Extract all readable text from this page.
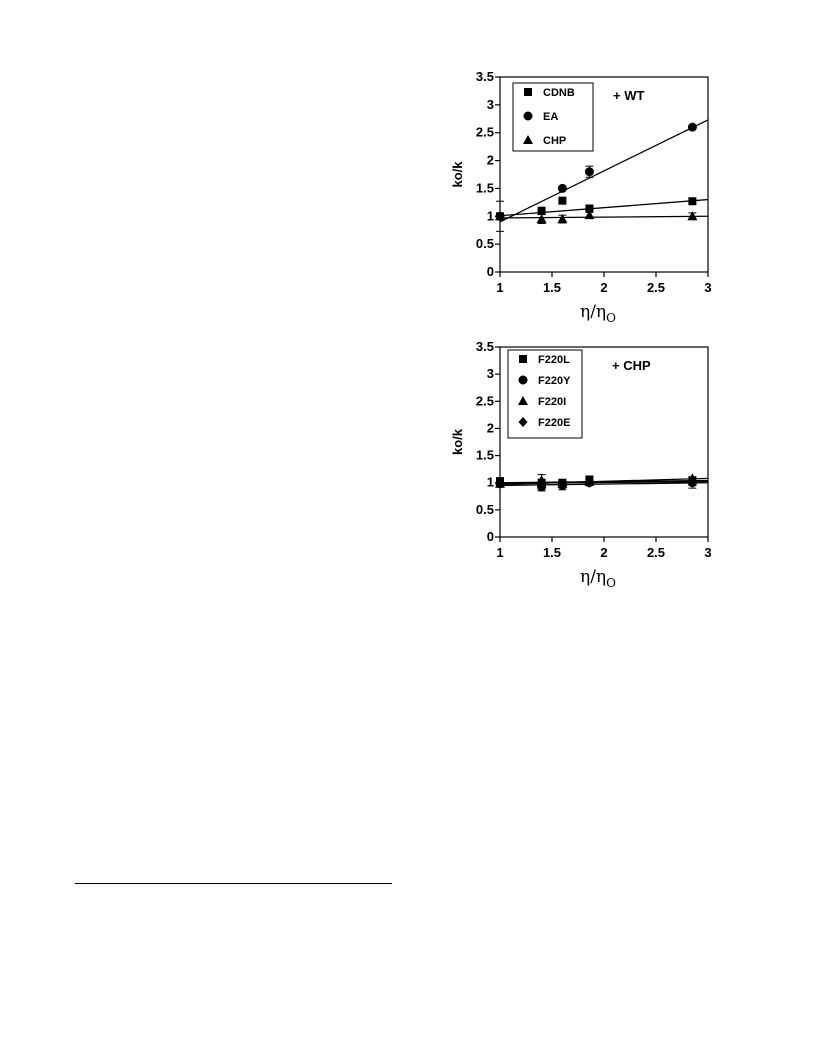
0
0.5
1
1.5
2
2.5
3
3.5
1	1.5	2	2.5	3
ko/k
$\eta/\eta_O$
CDNB
EA
CHP
+ WT
0
0.5
1
1.5
2
2.5
3
3.5
1	1.5	2	2.5	3
ko/k
$\eta/\eta_O$
F220L
F220Y
F220I
F220E
+ CHP
